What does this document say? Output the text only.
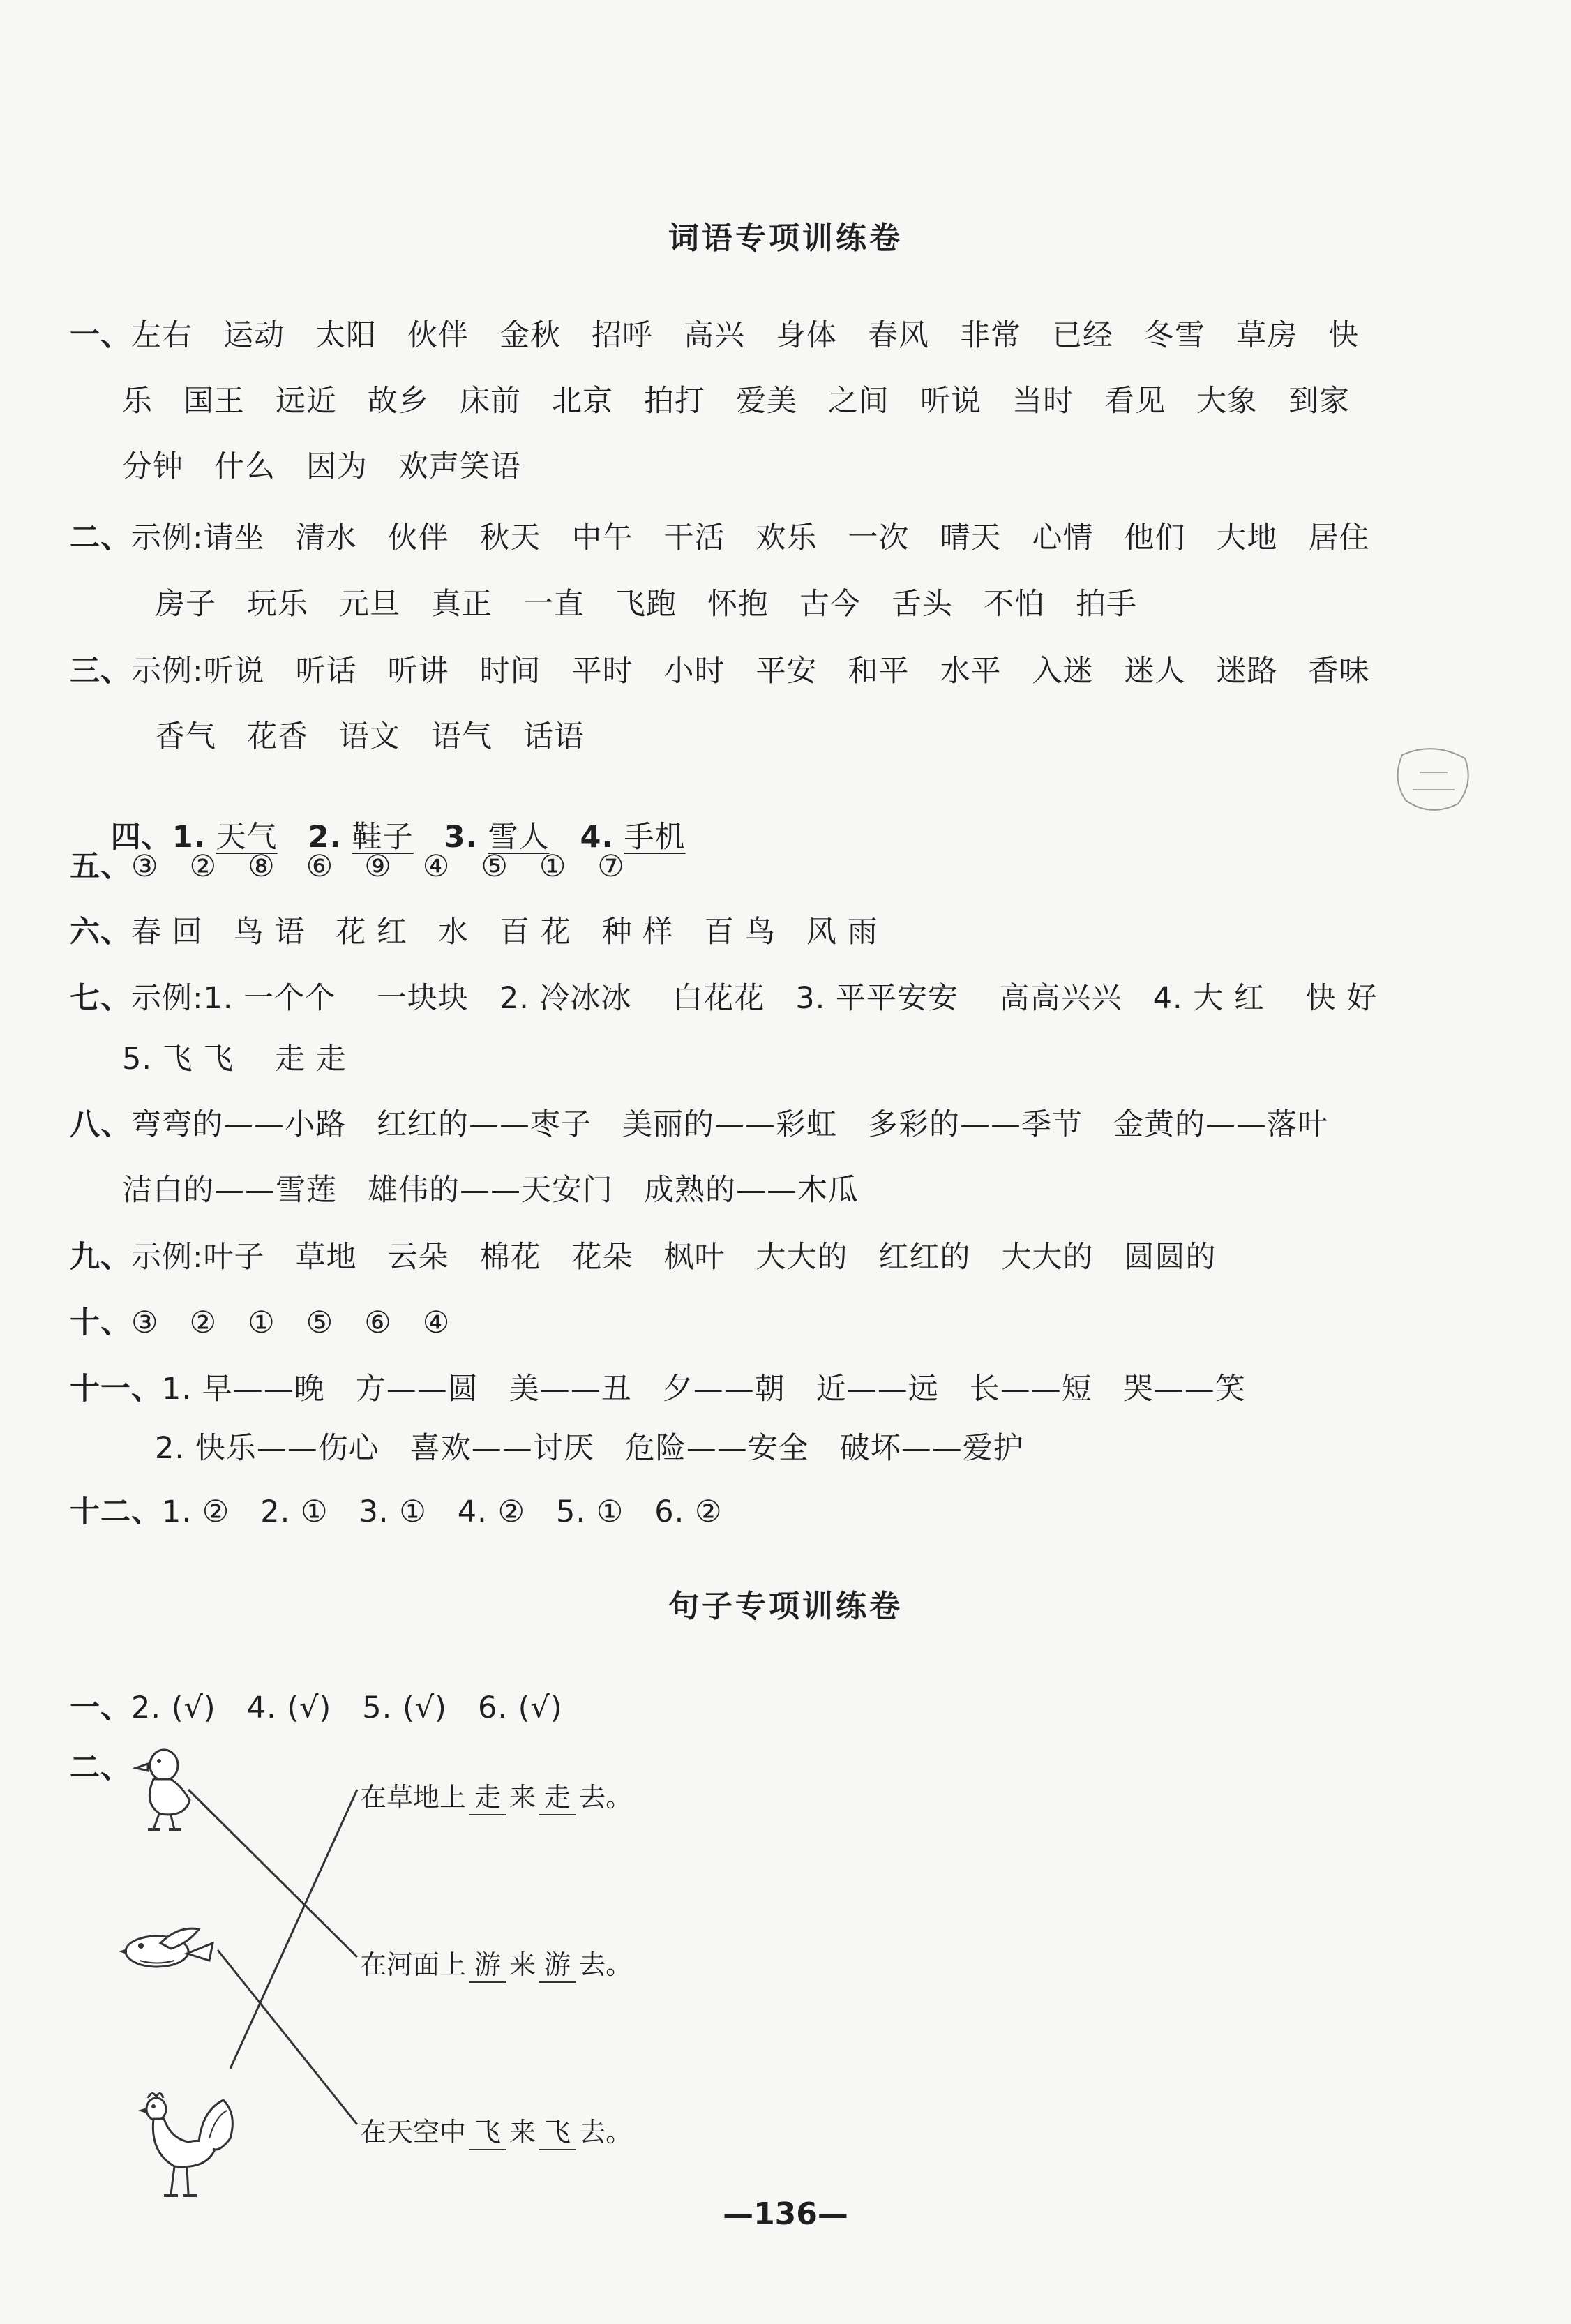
词语专项训练卷
一、左右   运动   太阳   伙伴   金秋   招呼   高兴   身体   春风   非常   已经   冬雪   草房   快
乐   国王   远近   故乡   床前   北京   拍打   爱美   之间   听说   当时   看见   大象   到家
分钟   什么   因为   欢声笑语
二、示例:请坐   清水   伙伴   秋天   中午   干活   欢乐   一次   晴天   心情   他们   大地   居住
房子   玩乐   元旦   真正   一直   飞跑   怀抱   古今   舌头   不怕   拍手
三、示例:听说   听话   听讲   时间   平时   小时   平安   和平   水平   入迷   迷人   迷路   香味
香气   花香   语文   语气   话语

四、1. 天气 2. 鞋子 3. 雪人 4. 手机

五、③   ②   ⑧   ⑥   ⑨   ④   ⑤   ①   ⑦
六、春 回   鸟 语   花 红   水   百 花   种 样   百 鸟   风 雨
七、示例:1. 一个个    一块块   2. 冷冰冰    白花花   3. 平平安安    高高兴兴   4. 大 红    快 好
5. 飞 飞    走 走
八、弯弯的——小路   红红的——枣子   美丽的——彩虹   多彩的——季节   金黄的——落叶
洁白的——雪莲   雄伟的——天安门   成熟的——木瓜
九、示例:叶子   草地   云朵   棉花   花朵   枫叶   大大的   红红的   大大的   圆圆的
十、③   ②   ①   ⑤   ⑥   ④
十一、1. 早——晚   方——圆   美——丑   夕——朝   近——远   长——短   哭——笑
2. 快乐——伤心   喜欢——讨厌   危险——安全   破坏——爱护
十二、1. ②   2. ①   3. ①   4. ②   5. ①   6. ②
句子专项训练卷
一、2. (√)   4. (√)   5. (√)   6. (√)
二、
在草地上 走 来 走 去。
在河面上 游 来 游 去。
在天空中 飞 来 飞 去。
—136—
